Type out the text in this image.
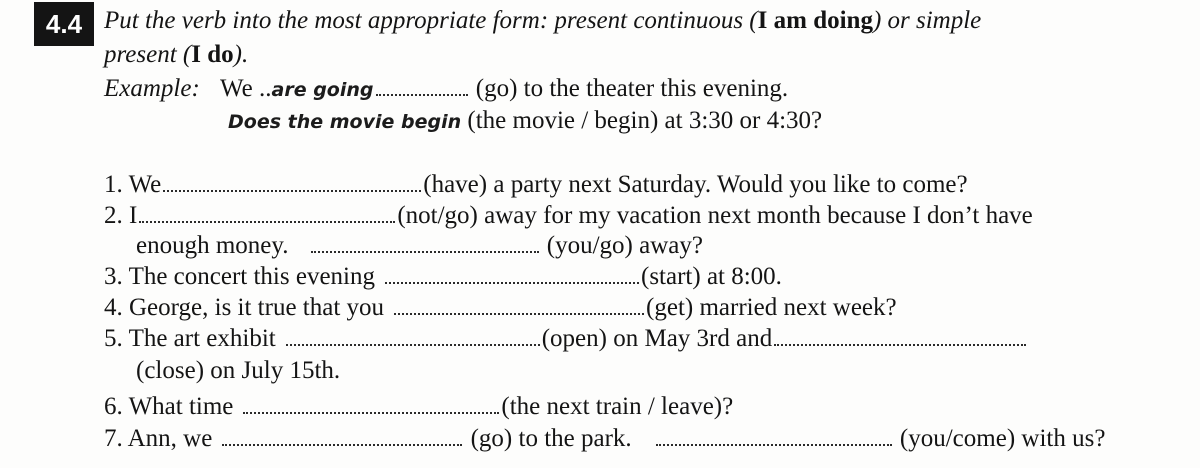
4.4 Put the verb into the most appropriate form: present continuous (I am doing) or simple
present (I do).
Example: We ..are going	(go) to the theater this evening.
Does the movie begin (the movie / begin) at 3:30 or 4:30?
1. We	(have) a party next Saturday. Would you like to come?
2. I	(not/go) away for my vacation next month because I don’t have
enough money.	(you/go) away?
3. The concert this evening	(start) at 8:00.
4. George, is it true that you	(get) married next week?
5. The art exhibit	(open) on May 3rd and
(close) on July 15th.
6. What time	(the next train / leave)?
7. Ann, we	(go) to the park.	(you/come) with us?
